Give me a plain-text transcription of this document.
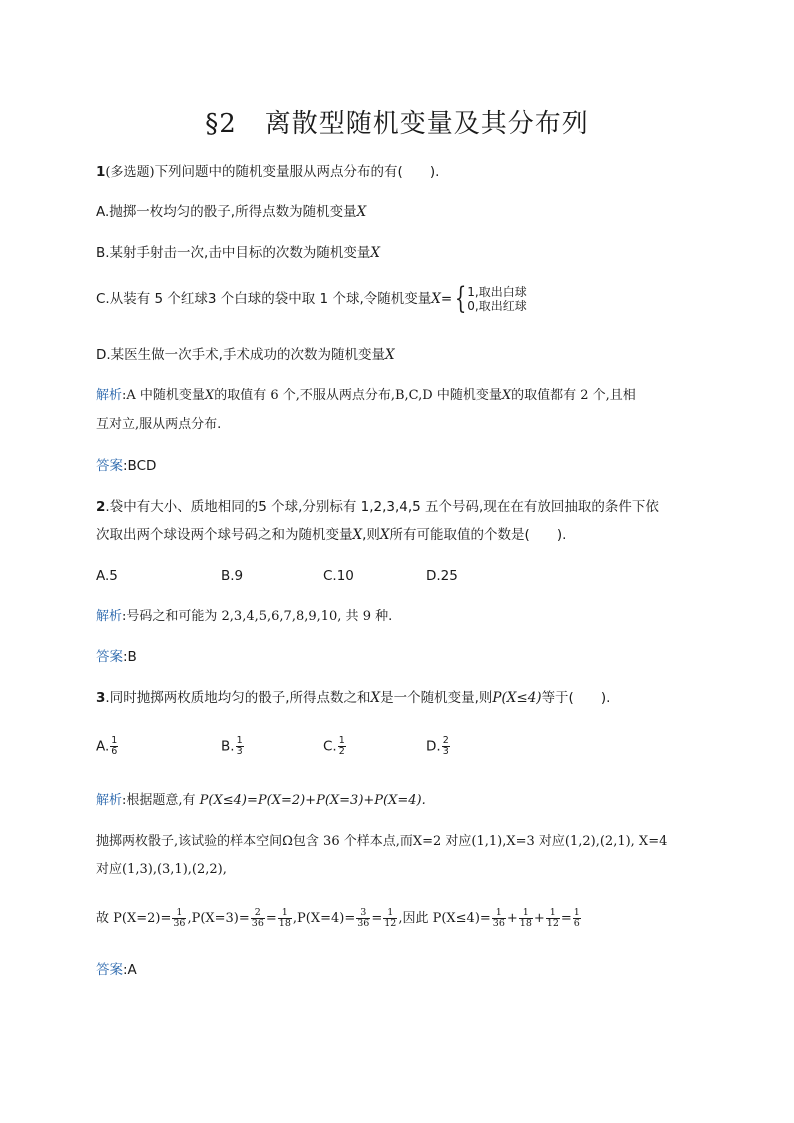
§2 离散型随机变量及其分布列
1(多选题)下列问题中的随机变量服从两点分布的有(　　).
A.抛掷一枚均匀的骰子,所得点数为随机变量X
B.某射手射击一次,击中目标的次数为随机变量X
C.从装有 5 个红球3 个白球的袋中取 1 个球,令随机变量X={ 1,取出白球
0,取出红球
D.某医生做一次手术,手术成功的次数为随机变量X
解析:A 中随机变量X的取值有 6 个,不服从两点分布,B,C,D 中随机变量X的取值都有 2 个,且相
互对立,服从两点分布.
答案:BCD
2.袋中有大小、质地相同的5 个球,分别标有 1,2,3,4,5 五个号码,现在在有放回抽取的条件下依
次取出两个球设两个球号码之和为随机变量X,则X所有可能取值的个数是(　　).
A.5	B.9	C.10	D.25
解析:号码之和可能为 2,3,4,5,6,7,8,9,10, 共 9 种.
答案:B
3.同时抛掷两枚质地均匀的骰子,所得点数之和X是一个随机变量,则P(X≤4)等于(　　).
A. $\frac{1}{6}$	B. $\frac{1}{3}$	C. $\frac{1}{2}$	D. $\frac{2}{3}$
解析:根据题意,有 P(X≤4)=P(X=2)+P(X=3)+P(X=4).
抛掷两枚骰子,该试验的样本空间Ω包含 36 个样本点,而X=2 对应(1,1),X=3 对应(1,2),(2,1), X=4
对应(1,3),(3,1),(2,2),
故 $P(X=2)= \frac{1}{36} ,P(X=3)= \frac{2}{36} = \frac{1}{18} ,P(X=4)= \frac{3}{36} = \frac{1}{12}$ ,因此 $P(X\le 4)= \frac{1}{36} + \frac{1}{18} + \frac{1}{12} = \frac{1}{6}$
答案:A
